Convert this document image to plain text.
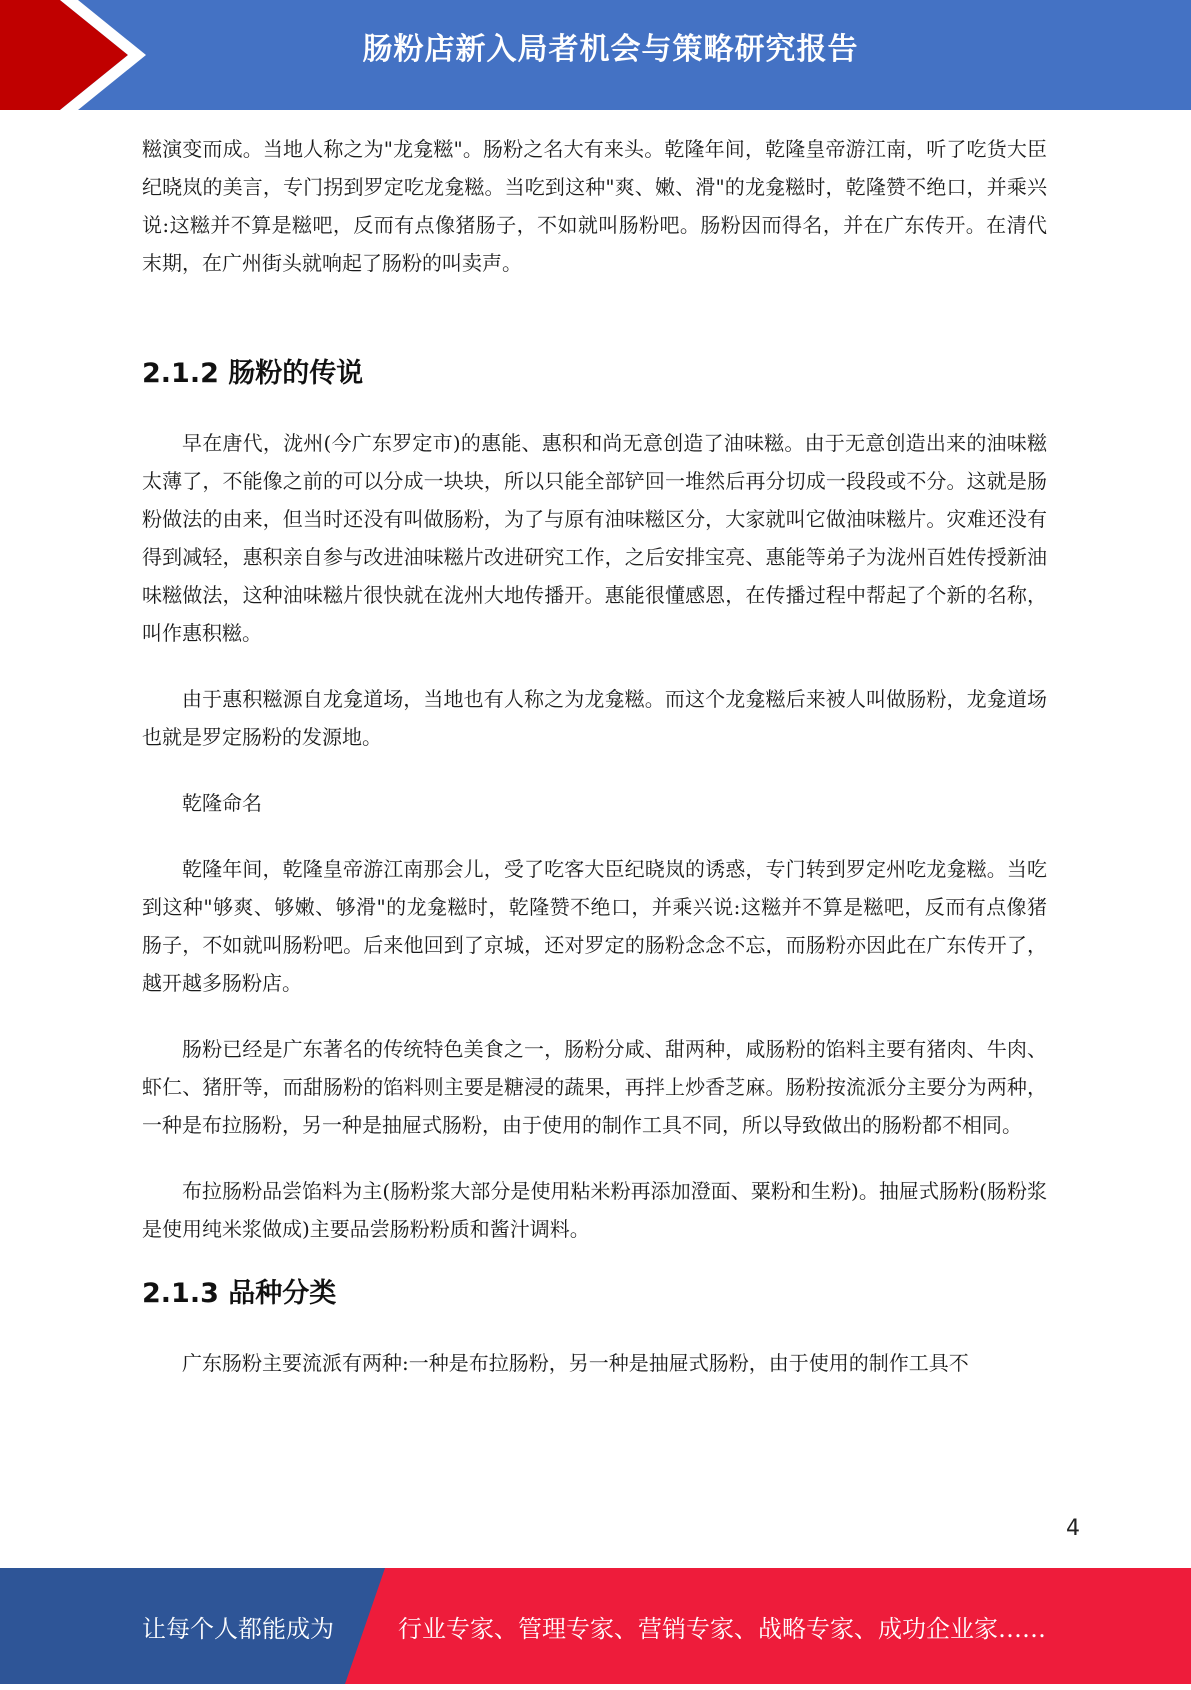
肠粉店新入局者机会与策略研究报告

糍演变而成。当地人称之为"龙龛糍"。肠粉之名大有来头。乾隆年间，乾隆皇帝游江南，听了吃货大臣纪晓岚的美言，专门拐到罗定吃龙龛糍。当吃到这种"爽、嫩、滑"的龙龛糍时，乾隆赞不绝口，并乘兴说:这糍并不算是糍吧，反而有点像猪肠子，不如就叫肠粉吧。肠粉因而得名，并在广东传开。在清代末期，在广州街头就响起了肠粉的叫卖声。

2.1.2 肠粉的传说

早在唐代，泷州(今广东罗定市)的惠能、惠积和尚无意创造了油味糍。由于无意创造出来的油味糍太薄了，不能像之前的可以分成一块块，所以只能全部铲回一堆然后再分切成一段段或不分。这就是肠粉做法的由来，但当时还没有叫做肠粉，为了与原有油味糍区分，大家就叫它做油味糍片。灾难还没有得到减轻，惠积亲自参与改进油味糍片改进研究工作，之后安排宝亮、惠能等弟子为泷州百姓传授新油味糍做法，这种油味糍片很快就在泷州大地传播开。惠能很懂感恩，在传播过程中帮起了个新的名称，叫作惠积糍。

由于惠积糍源自龙龛道场，当地也有人称之为龙龛糍。而这个龙龛糍后来被人叫做肠粉，龙龛道场也就是罗定肠粉的发源地。

乾隆命名

乾隆年间，乾隆皇帝游江南那会儿，受了吃客大臣纪晓岚的诱惑，专门转到罗定州吃龙龛糍。当吃到这种"够爽、够嫩、够滑"的龙龛糍时，乾隆赞不绝口，并乘兴说:这糍并不算是糍吧，反而有点像猪肠子，不如就叫肠粉吧。后来他回到了京城，还对罗定的肠粉念念不忘，而肠粉亦因此在广东传开了，越开越多肠粉店。

肠粉已经是广东著名的传统特色美食之一，肠粉分咸、甜两种，咸肠粉的馅料主要有猪肉、牛肉、虾仁、猪肝等，而甜肠粉的馅料则主要是糖浸的蔬果，再拌上炒香芝麻。肠粉按流派分主要分为两种，一种是布拉肠粉，另一种是抽屉式肠粉，由于使用的制作工具不同，所以导致做出的肠粉都不相同。

布拉肠粉品尝馅料为主(肠粉浆大部分是使用粘米粉再添加澄面、粟粉和生粉)。抽屉式肠粉(肠粉浆是使用纯米浆做成)主要品尝肠粉粉质和酱汁调料。

2.1.3 品种分类

广东肠粉主要流派有两种:一种是布拉肠粉，另一种是抽屉式肠粉，由于使用的制作工具不

4
让每个人都能成为	行业专家、管理专家、营销专家、战略专家、成功企业家……
